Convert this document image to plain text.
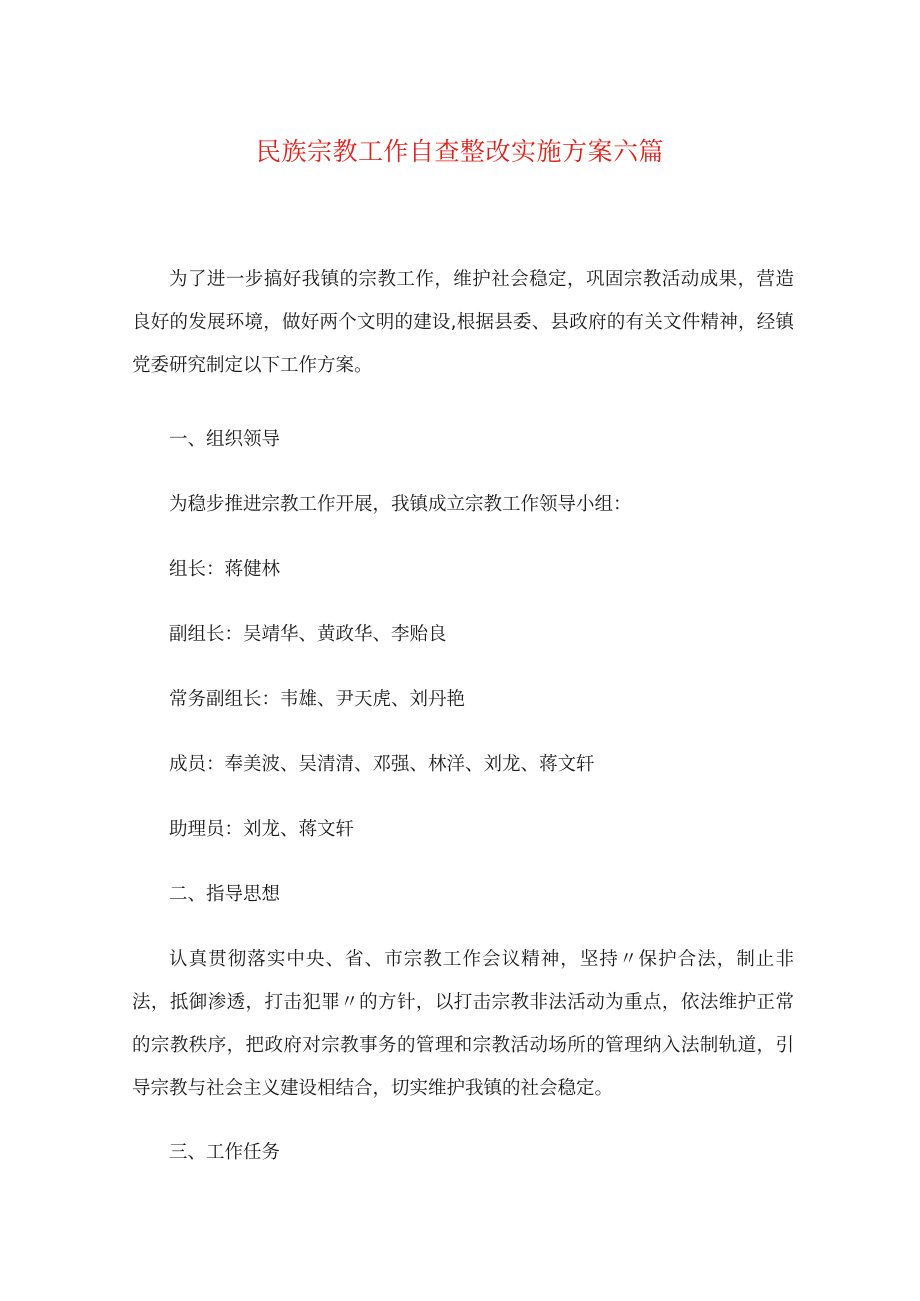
民族宗教工作自查整改实施方案六篇

为了进一步搞好我镇的宗教工作，维护社会稳定，巩固宗教活动成果，营造良好的发展环境，做好两个文明的建设,根据县委、县政府的有关文件精神，经镇党委研究制定以下工作方案。

一、组织领导

为稳步推进宗教工作开展，我镇成立宗教工作领导小组：

组长：蒋健林

副组长：吴靖华、黄政华、李贻良

常务副组长：韦雄、尹天虎、刘丹艳

成员：奉美波、吴清清、邓强、林洋、刘龙、蒋文轩

助理员：刘龙、蒋文轩

二、指导思想

认真贯彻落实中央、省、市宗教工作会议精神，坚持〃保护合法，制止非法，抵御渗透，打击犯罪〃的方针，以打击宗教非法活动为重点，依法维护正常的宗教秩序，把政府对宗教事务的管理和宗教活动场所的管理纳入法制轨道，引导宗教与社会主义建设相结合，切实维护我镇的社会稳定。

三、工作任务
